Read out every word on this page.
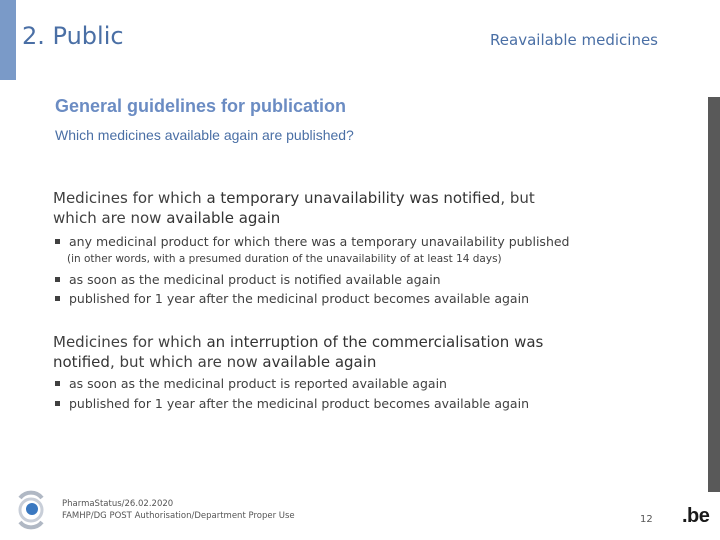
2. Public	Reavailable medicines
General guidelines for publication
Which medicines available again are published?
Medicines for which a temporary unavailability was notified, but
which are now available again
any medicinal product for which there was a temporary unavailability published
(in other words, with a presumed duration of the unavailability of at least 14 days)
as soon as the medicinal product is notified available again
published for 1 year after the medicinal product becomes available again
Medicines for which an interruption of the commercialisation was
notified, but which are now available again
as soon as the medicinal product is reported available again
published for 1 year after the medicinal product becomes available again
PharmaStatus/26.02.2020
FAMHP/DG POST Authorisation/Department Proper Use	12 .be
